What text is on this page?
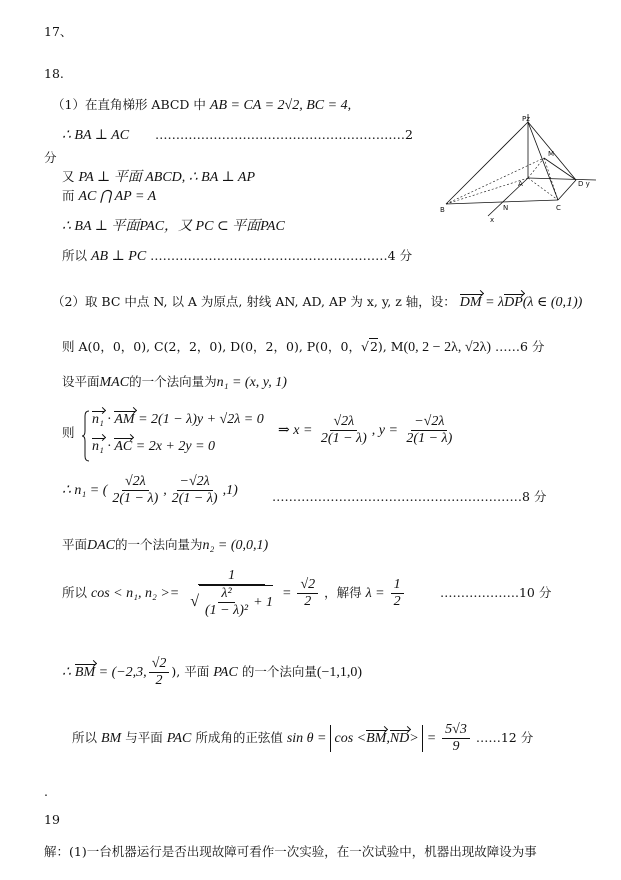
17、
18.
（1）在直角梯形 ABCD 中 AB = CA = 2√2, BC = 4,
∴ BA ⊥ AC ……………………………………………………2
分
又 PA ⊥ 平面 ABCD, ∴ BA ⊥ AP
而 AC ⋂ AP = A
∴ BA ⊥ 平面PAC，又 PC ⊂ 平面PAC
所以 AB ⊥ PC …………………………………………………4 分
Pz
M
A	D y
B	N	C
x
（2）取 BC 中点 N, 以 A 为原点, 射线 AN, AD, AP 为 x, y, z 轴，设： DM = λDP(λ ∈ (0,1))
则 A(0，0，0), C(2，2，0), D(0，2，0), P(0，0，√2), M(0, 2 − 2λ, √2λ) ……6 分
设平面MAC的一个法向量为n₁ = (x, y, 1)
则
n₁ · AM = 2(1 − λ)y + √2λ = 0
n₁ · AC = 2x + 2y = 0
⇒ $x = \frac{√2\lambda}{2(1 - \lambda)}$ , $y = \frac{-√2\lambda}{2(1 - \lambda)}$
∴ n₁ = ( $\frac{√2\lambda}{2(1 - \lambda)}$ , $\frac{-√2\lambda}{2(1 - \lambda)} ,1$)	……………………………………………………8 分
平面DAC的一个法向量为n₂ = (0,0,1)
所以 cos < n₁, $n_2 >= \frac{1}{√ \frac{\text{λ²}}{\text{(1 − λ)²}} + 1} = \frac{√2}{2}$ ，解得 $\lambda = \frac{1}{2}$	……………….10 分
∴ BM = (−2,3, $\frac{√2}{2}$ ), 平面 PAC 的一个法向量(−1,1,0)
所以 BM 与平面 PAC 所成角的正弦值 $\sin \theta = \cos <BM,ND> = \frac{5√3}{9}$ ……12 分
.
19
解：(1)一台机器运行是否出现故障可看作一次实验，在一次试验中，机器出现故障设为事
